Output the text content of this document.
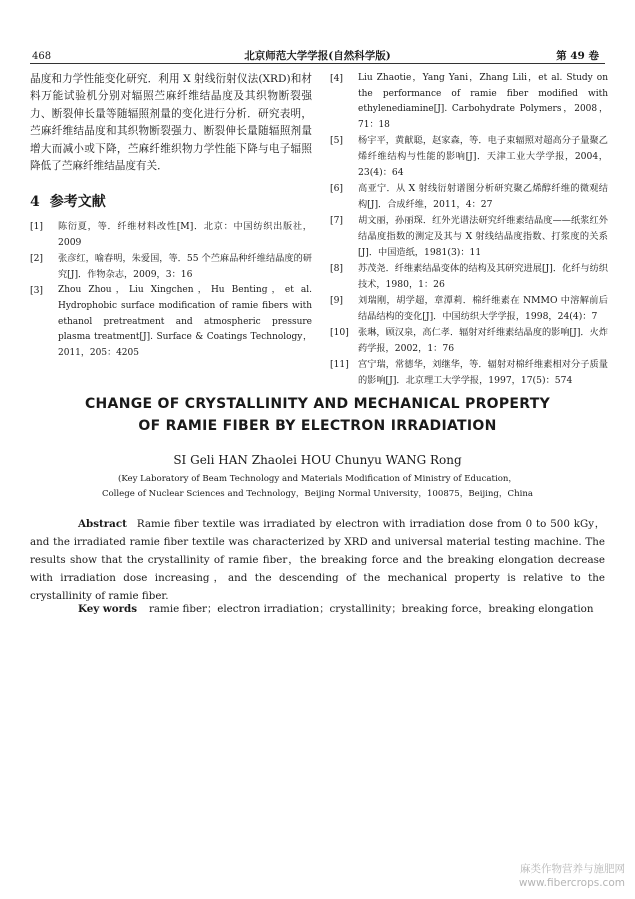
468	北京师范大学学报(自然科学版)	第 49 卷

晶度和力学性能变化研究．利用 X 射线衍射仪法(XRD)和材料万能试验机分别对辐照苎麻纤维结晶度及其织物断裂强力、断裂伸长量等随辐照剂量的变化进行分析．研究表明，苎麻纤维结晶度和其织物断裂强力、断裂伸长量随辐照剂量增大而减小或下降，苎麻纤维织物力学性能下降与电子辐照降低了苎麻纤维结晶度有关．

4 参考文献
[1]	陈衍夏，等．纤维材料改性[M]．北京：中国纺织出版社，2009
[2]	张彦红，喻春明，朱爱国，等．55 个苎麻品种纤维结晶度的研究[J]．作物杂志，2009，3：16
[3]	Zhou Zhou，Liu Xingchen，Hu Benting，et al. Hydrophobic surface modification of ramie fibers with ethanol pretreatment and atmospheric pressure plasma treatment[J]. Surface & Coatings Technology，2011，205：4205
[4]	Liu Zhaotie，Yang Yani，Zhang Lili，et al. Study on the performance of ramie fiber modified with ethylenediamine[J]. Carbohydrate Polymers，2008，71：18
[5]	杨宇平，黄献聪，赵家森，等．电子束辐照对超高分子量聚乙烯纤维结构与性能的影响[J]．天津工业大学学报，2004，23(4)：64
[6]	高亚宁．从 X 射线衍射谱图分析研究聚乙烯醇纤维的微观结构[J]．合成纤维，2011，4：27
[7]	胡文丽，孙丽琛．红外光谱法研究纤维素结晶度——纸浆红外结晶度指数的测定及其与 X 射线结晶度指数、打浆度的关系[J]．中国造纸，1981(3)：11
[8]	苏茂尧．纤维素结晶变体的结构及其研究进展[J]．化纤与纺织技术，1980，1：26
[9]	刘瑞刚，胡学超，章潭莉．棉纤维素在 NMMO 中溶解前后结晶结构的变化[J]．中国纺织大学学报，1998，24(4)：7
[10] 张琳，顾汉泉，高仁孝．辐射对纤维素结晶度的影响[J]．火炸药学报，2002，1：76
[11] 宫宁瑞，常德华，刘继华，等．辐射对棉纤维素相对分子质量的影响[J]．北京理工大学学报，1997，17(5)：574
CHANGE OF CRYSTALLINITY AND MECHANICAL PROPERTY
OF RAMIE FIBER BY ELECTRON IRRADIATION
SI Geli HAN Zhaolei HOU Chunyu WANG Rong
(Key Laboratory of Beam Technology and Materials Modification of Ministry of Education，
College of Nuclear Sciences and Technology，Beijing Normal University，100875，Beijing，China

Abstract Ramie fiber textile was irradiated by electron with irradiation dose from 0 to 500 kGy，and the irradiated ramie fiber textile was characterized by XRD and universal material testing machine. The results show that the crystallinity of ramie fiber，the breaking force and the breaking elongation decrease with irradiation dose increasing，and the descending of the mechanical property is relative to the crystallinity of ramie fiber.

Key words ramie fiber；electron irradiation；crystallinity；breaking force，breaking elongation

麻类作物营养与施肥网
www.fibercrops.com
